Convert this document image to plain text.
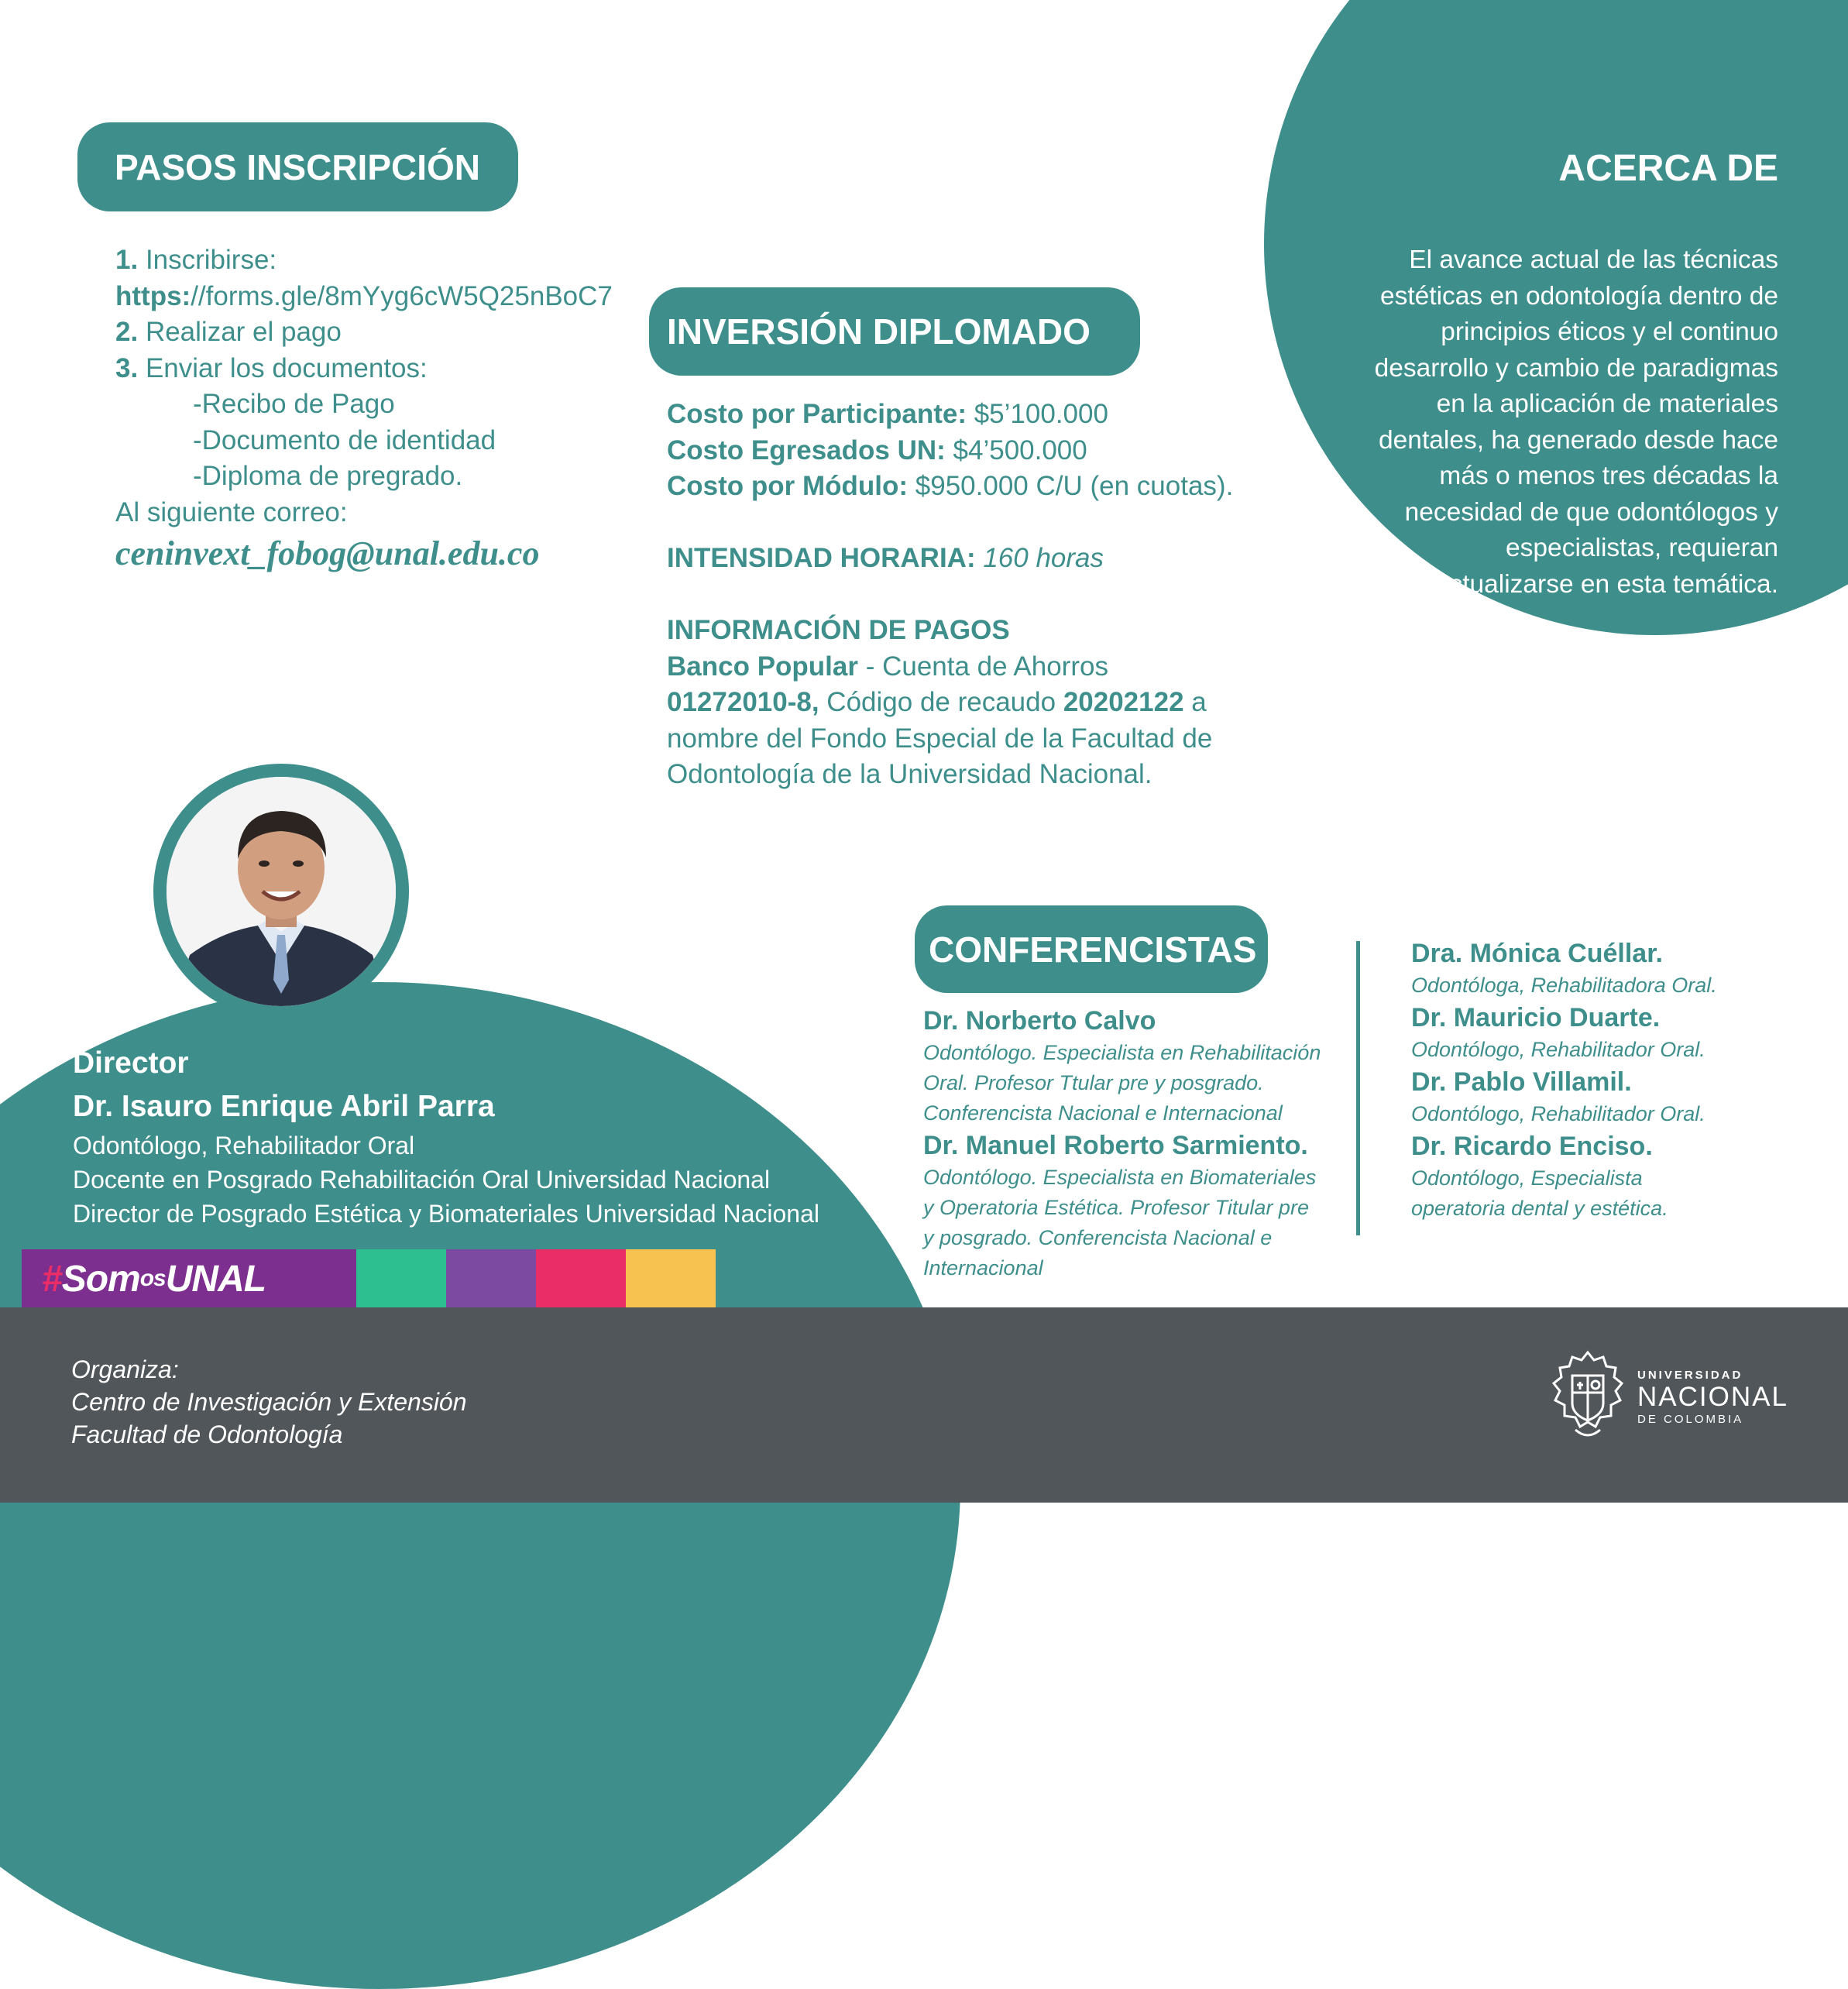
ACERCA DE
El avance actual de las técnicas
estéticas en odontología dentro de
principios éticos y el continuo
desarrollo y cambio de paradigmas
en la aplicación de materiales
dentales, ha generado desde hace
más o menos tres décadas la
necesidad de que odontólogos y
especialistas, requieran
actualizarse en esta temática.
PASOS INSCRIPCIÓN
1. Inscribirse:
https://forms.gle/8mYyg6cW5Q25nBoC7
2. Realizar el pago
3. Enviar los documentos:
-Recibo de Pago
-Documento de identidad
-Diploma de pregrado.
Al siguiente correo:
ceninvext_fobog@unal.edu.co
INVERSIÓN DIPLOMADO
Costo por Participante: $5’100.000
Costo Egresados UN: $4’500.000
Costo por Módulo: $950.000 C/U (en cuotas).
INTENSIDAD HORARIA: 160 horas
INFORMACIÓN DE PAGOS
Banco Popular - Cuenta de Ahorros
01272010-8, Código de recaudo 20202122 a
nombre del Fondo Especial de la Facultad de
Odontología de la Universidad Nacional.
Director
Dr. Isauro Enrique Abril Parra
Odontólogo, Rehabilitador Oral
Docente en Posgrado Rehabilitación Oral Universidad Nacional
Director de Posgrado Estética y Biomateriales Universidad Nacional
# Som os UNAL
CONFERENCISTAS
Dr. Norberto Calvo
Odontólogo. Especialista en Rehabilitación
Oral. Profesor Ttular pre y posgrado.
Conferencista Nacional e Internacional
Dr. Manuel Roberto Sarmiento.
Odontólogo. Especialista en Biomateriales
y Operatoria Estética. Profesor Titular pre
y posgrado. Conferencista Nacional e
Internacional
Dra. Mónica Cuéllar.
Odontóloga, Rehabilitadora Oral.
Dr. Mauricio Duarte.
Odontólogo, Rehabilitador Oral.
Dr. Pablo Villamil.
Odontólogo, Rehabilitador Oral.
Dr. Ricardo Enciso.
Odontólogo, Especialista
operatoria dental y estética.
Organiza:
Centro de Investigación y Extensión
Facultad de Odontología
UNIVERSIDAD
NACIONAL
DE COLOMBIA
